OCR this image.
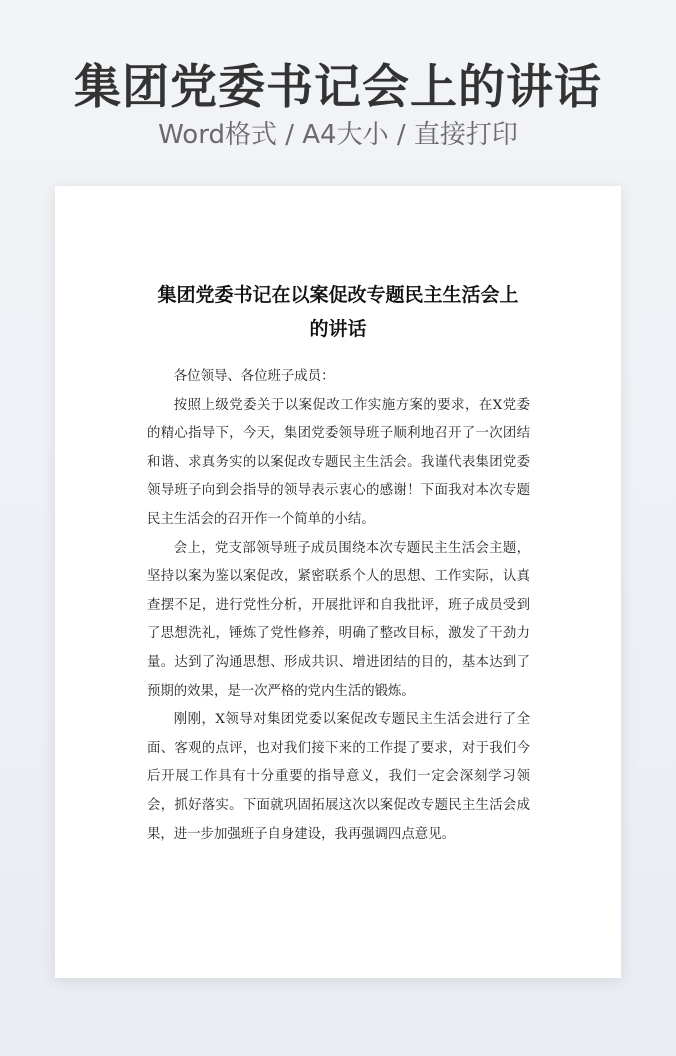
集团党委书记会上的讲话
Word格式 / A4大小 / 直接打印
集团党委书记在以案促改专题民主生活会上的讲话

各位领导、各位班子成员：

按照上级党委关于以案促改工作实施方案的要求，在X党委的精心指导下，今天，集团党委领导班子顺利地召开了一次团结和谐、求真务实的以案促改专题民主生活会。我谨代表集团党委领导班子向到会指导的领导表示衷心的感谢！下面我对本次专题民主生活会的召开作一个简单的小结。

会上，党支部领导班子成员围绕本次专题民主生活会主题，坚持以案为鉴以案促改，紧密联系个人的思想、工作实际，认真查摆不足，进行党性分析，开展批评和自我批评，班子成员受到了思想洗礼，锤炼了党性修养，明确了整改目标，激发了干劲力量。达到了沟通思想、形成共识、增进团结的目的，基本达到了预期的效果，是一次严格的党内生活的锻炼。

刚刚，X领导对集团党委以案促改专题民主生活会进行了全面、客观的点评，也对我们接下来的工作提了要求，对于我们今后开展工作具有十分重要的指导意义，我们一定会深刻学习领会，抓好落实。下面就巩固拓展这次以案促改专题民主生活会成果，进一步加强班子自身建设，我再强调四点意见。
